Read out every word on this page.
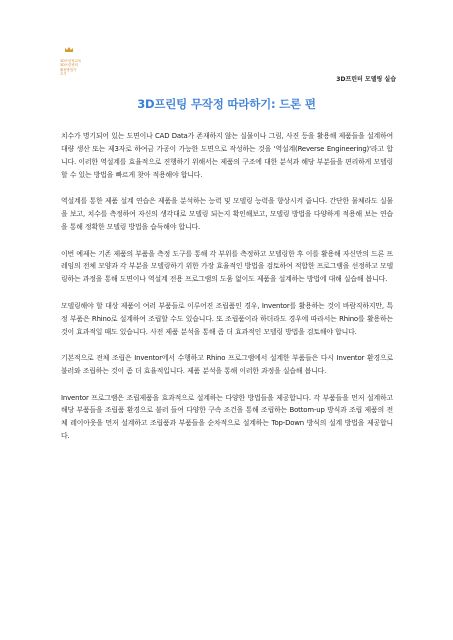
3D프린팅교육
3D프린팅의
활용방법기
초기
3D프린터 모델링 실습
3D프린팅 무작정 따라하기: 드론 편

치수가 명기되어 있는 도면이나 CAD Data가 존재하지 않는 실물이나 그림, 사진 등을 활용해 제품들을 설계하여 대량 생산 또는 제3자로 하여금 가공이 가능한 도면으로 작성하는 것을 '역설계(Reverse Engineering)'라고 합니다. 이러한 역설계를 효율적으로 진행하기 위해서는 제품의 구조에 대한 분석과 해당 부분들을 편리하게 모델링할 수 있는 방법을 빠르게 찾아 적용해야 합니다.

역설계를 통한 제품 설계 연습은 제품을 분석하는 능력 및 모델링 능력을 향상시켜 줍니다. 간단한 물체라도 실물을 보고, 치수를 측정하여 자신의 생각대로 모델링 되는지 확인해보고, 모델링 방법을 다양하게 적용해 보는 연습을 통해 정확한 모델링 방법을 습득해야 합니다.

이번 예제는 기존 제품의 부품을 측정 도구를 통해 각 부위를 측정하고 모델링한 후 이를 활용해 자신만의 드론 프레임의 전체 모양과 각 부분을 모델링하기 위한 가장 효율적인 방법을 검토하여 적합한 프로그램을 선정하고 모델링하는 과정을 통해 도면이나 역설계 전용 프로그램의 도움 없이도 제품을 설계하는 방법에 대해 실습해 봅니다.

모델링해야 할 대상 제품이 여러 부품들로 이루어진 조립품인 경우, Inventor를 활용하는 것이 바람직하지만, 특정 부품은 Rhino로 설계하여 조립할 수도 있습니다. 또 조립품이라 하더라도 경우에 따라서는 Rhino를 활용하는 것이 효과적일 때도 있습니다. 사전 제품 분석을 통해 좀 더 효과적인 모델링 방법을 검토해야 합니다.

기본적으로 전체 조립은 Inventor에서 수행하고 Rhino 프로그램에서 설계한 부품들은 다시 Inventor 환경으로 불러와 조립하는 것이 좀 더 효율적입니다. 제품 분석을 통해 이러한 과정을 실습해 봅니다.

Inventor 프로그램은 조립제품을 효과적으로 설계하는 다양한 방법들을 제공합니다. 각 부품들을 먼저 설계하고 해당 부품들을 조립품 환경으로 불러 들여 다양한 구속 조건을 통해 조립하는 Bottom-up 방식과 조립 제품의 전체 레이아웃을 먼저 설계하고 조립품과 부품들을 순차적으로 설계하는 Top-Down 방식의 설계 방법을 제공합니다.
